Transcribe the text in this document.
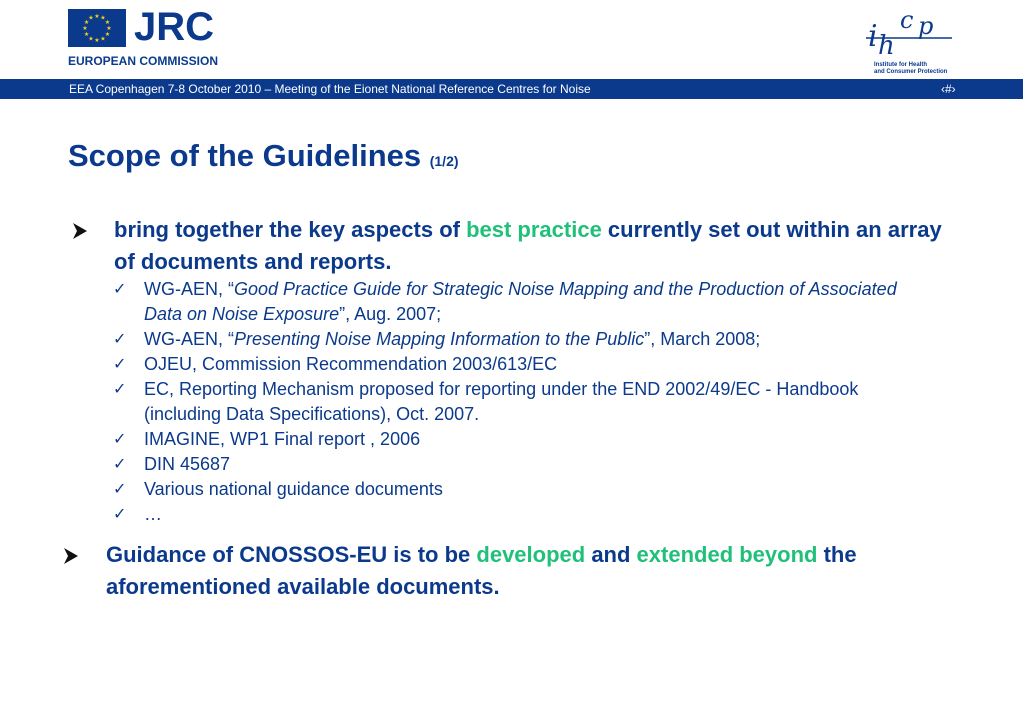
★
★
★
★
★
★
★
★
★ ★ ★
★ JRC
EUROPEAN COMMISSION
i h
c p
Institute for Health
and Consumer Protection
EEA Copenhagen 7-8 October 2010 – Meeting of the Eionet National Reference Centres for Noise	‹#›
Scope of the Guidelines (1/2)
bring together the key aspects of best practice currently set out within an array of documents and reports.
✓ WG-AEN, “Good Practice Guide for Strategic Noise Mapping and the Production of Associated Data on Noise Exposure”, Aug. 2007;
✓ WG-AEN, “Presenting Noise Mapping Information to the Public”, March 2008;
✓ OJEU, Commission Recommendation 2003/613/EC
✓ EC, Reporting Mechanism proposed for reporting under the END 2002/49/EC - Handbook (including Data Specifications), Oct. 2007.
✓ IMAGINE, WP1 Final report , 2006
✓ DIN 45687
✓ Various national guidance documents
✓ …
Guidance of CNOSSOS-EU is to be developed and extended beyond the aforementioned available documents.
